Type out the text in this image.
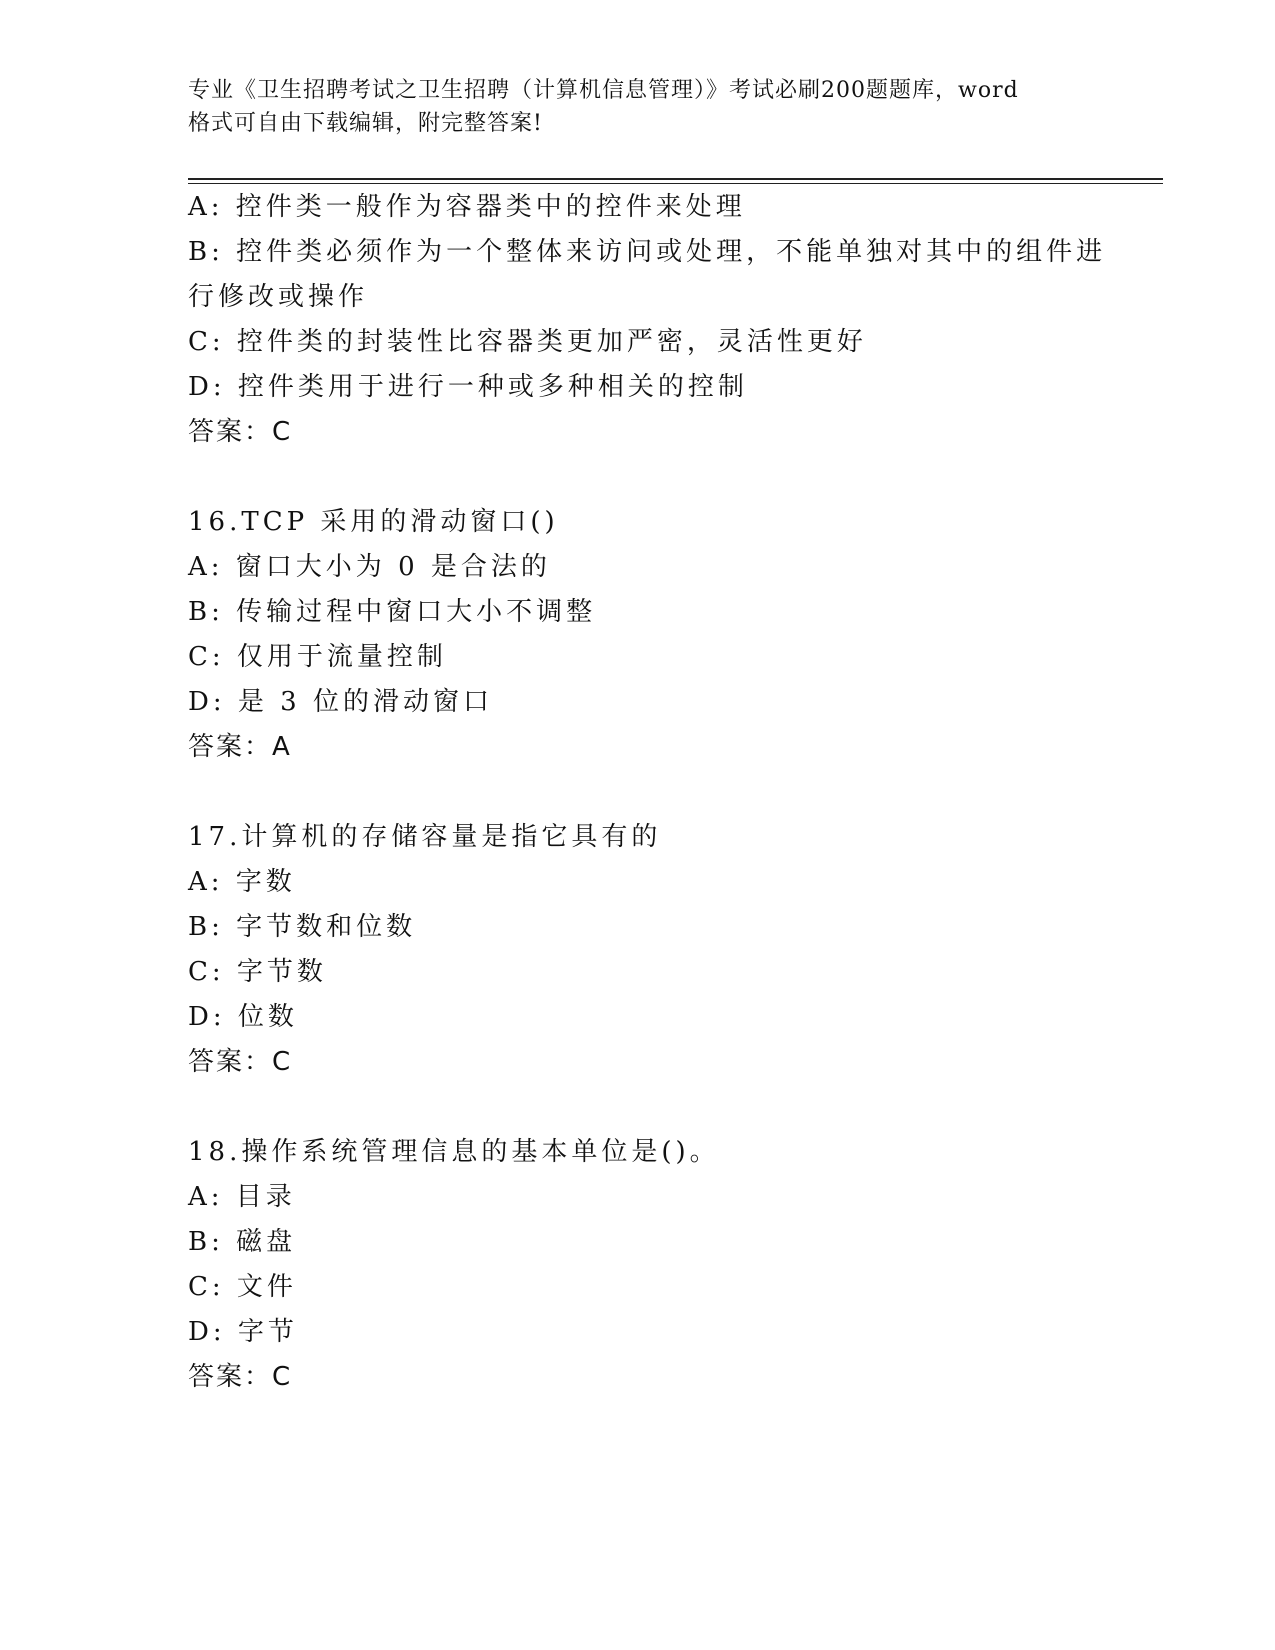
专业《卫生招聘考试之卫生招聘（计算机信息管理）》考试必刷200题题库，word
格式可自由下载编辑，附完整答案!
A: 控件类一般作为容器类中的控件来处理
B: 控件类必须作为一个整体来访问或处理，不能单独对其中的组件进
行修改或操作
C: 控件类的封装性比容器类更加严密，灵活性更好
D: 控件类用于进行一种或多种相关的控制
答案：C
16.TCP 采用的滑动窗口()
A: 窗口大小为 0 是合法的
B: 传输过程中窗口大小不调整
C: 仅用于流量控制
D: 是 3 位的滑动窗口
答案：A
17.计算机的存储容量是指它具有的
A: 字数
B: 字节数和位数
C: 字节数
D: 位数
答案：C
18.操作系统管理信息的基本单位是()。
A: 目录
B: 磁盘
C: 文件
D: 字节
答案：C
